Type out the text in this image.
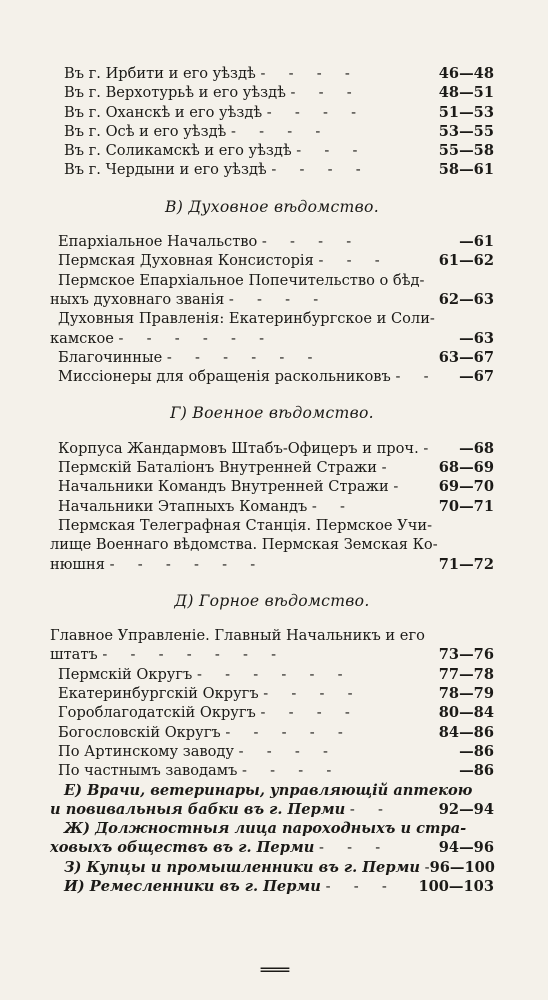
Въ г. Ирбити и его уѣздѣ -     -     -     -	46—48
Въ г. Верхотурьѣ и его уѣздѣ -     -     -	48—51
Въ г. Оханскѣ и его уѣздѣ -     -     -     -	51—53
Въ г. Осѣ и его уѣздѣ -     -     -     -	53—55
Въ г. Соликамскѣ и его уѣздѣ -     -     -	55—58
Въ г. Чердыни и его уѣздѣ -     -     -     -	58—61
В) Духовное вѣдомство.
Епархіальное Начальство -     -     -     -	—61
Пермская Духовная Консисторія -     -     -	61—62
Пермское Епархіальное Попечительство о бѣд-
ныхъ духовнаго званія -     -     -     -	62—63
Духовныя Правленія: Екатеринбургское и Соли-
камское -     -     -     -     -     -	—63
Благочинные -     -     -     -     -     -	63—67
Миссіонеры для обращенія раскольниковъ -     -	—67
Г) Военное вѣдомство.
Корпуса Жандармовъ Штабъ-Офицеръ и проч. -	—68
Пермскій Баталіонъ Внутренней Стражи -	68—69
Начальники Командъ Внутренней Стражи -	69—70
Начальники Этапныхъ Командъ -     -	70—71
Пермская Телеграфная Станція. Пермское Учи-
лище Военнаго вѣдомства. Пермская Земская Ко-
нюшня -     -     -     -     -     -	71—72
Д) Горное вѣдомство.
Главное Управленіе. Главный Начальникъ и его
штатъ -     -     -     -     -     -     -	73—76
Пермскій Округъ -     -     -     -     -     -	77—78
Екатеринбургскій Округъ -     -     -     -	78—79
Гороблагодатскій Округъ -     -     -     -	80—84
Богословскій Округъ -     -     -     -     -	84—86
По Артинскому заводу -     -     -     -	—86
По частнымъ заводамъ -     -     -     -	—86
Е) Врачи, ветеринары, управляющій аптекою
и повивальныя бабки въ г. Перми -     -	92—94
Ж) Должностныя лица пароходныхъ и стра-
ховыхъ обществъ въ г. Перми -     -     -	94—96
З) Купцы и промышленники въ г. Перми - 96—100
И) Ремесленники въ г. Перми -     -     -	100—103
═══
